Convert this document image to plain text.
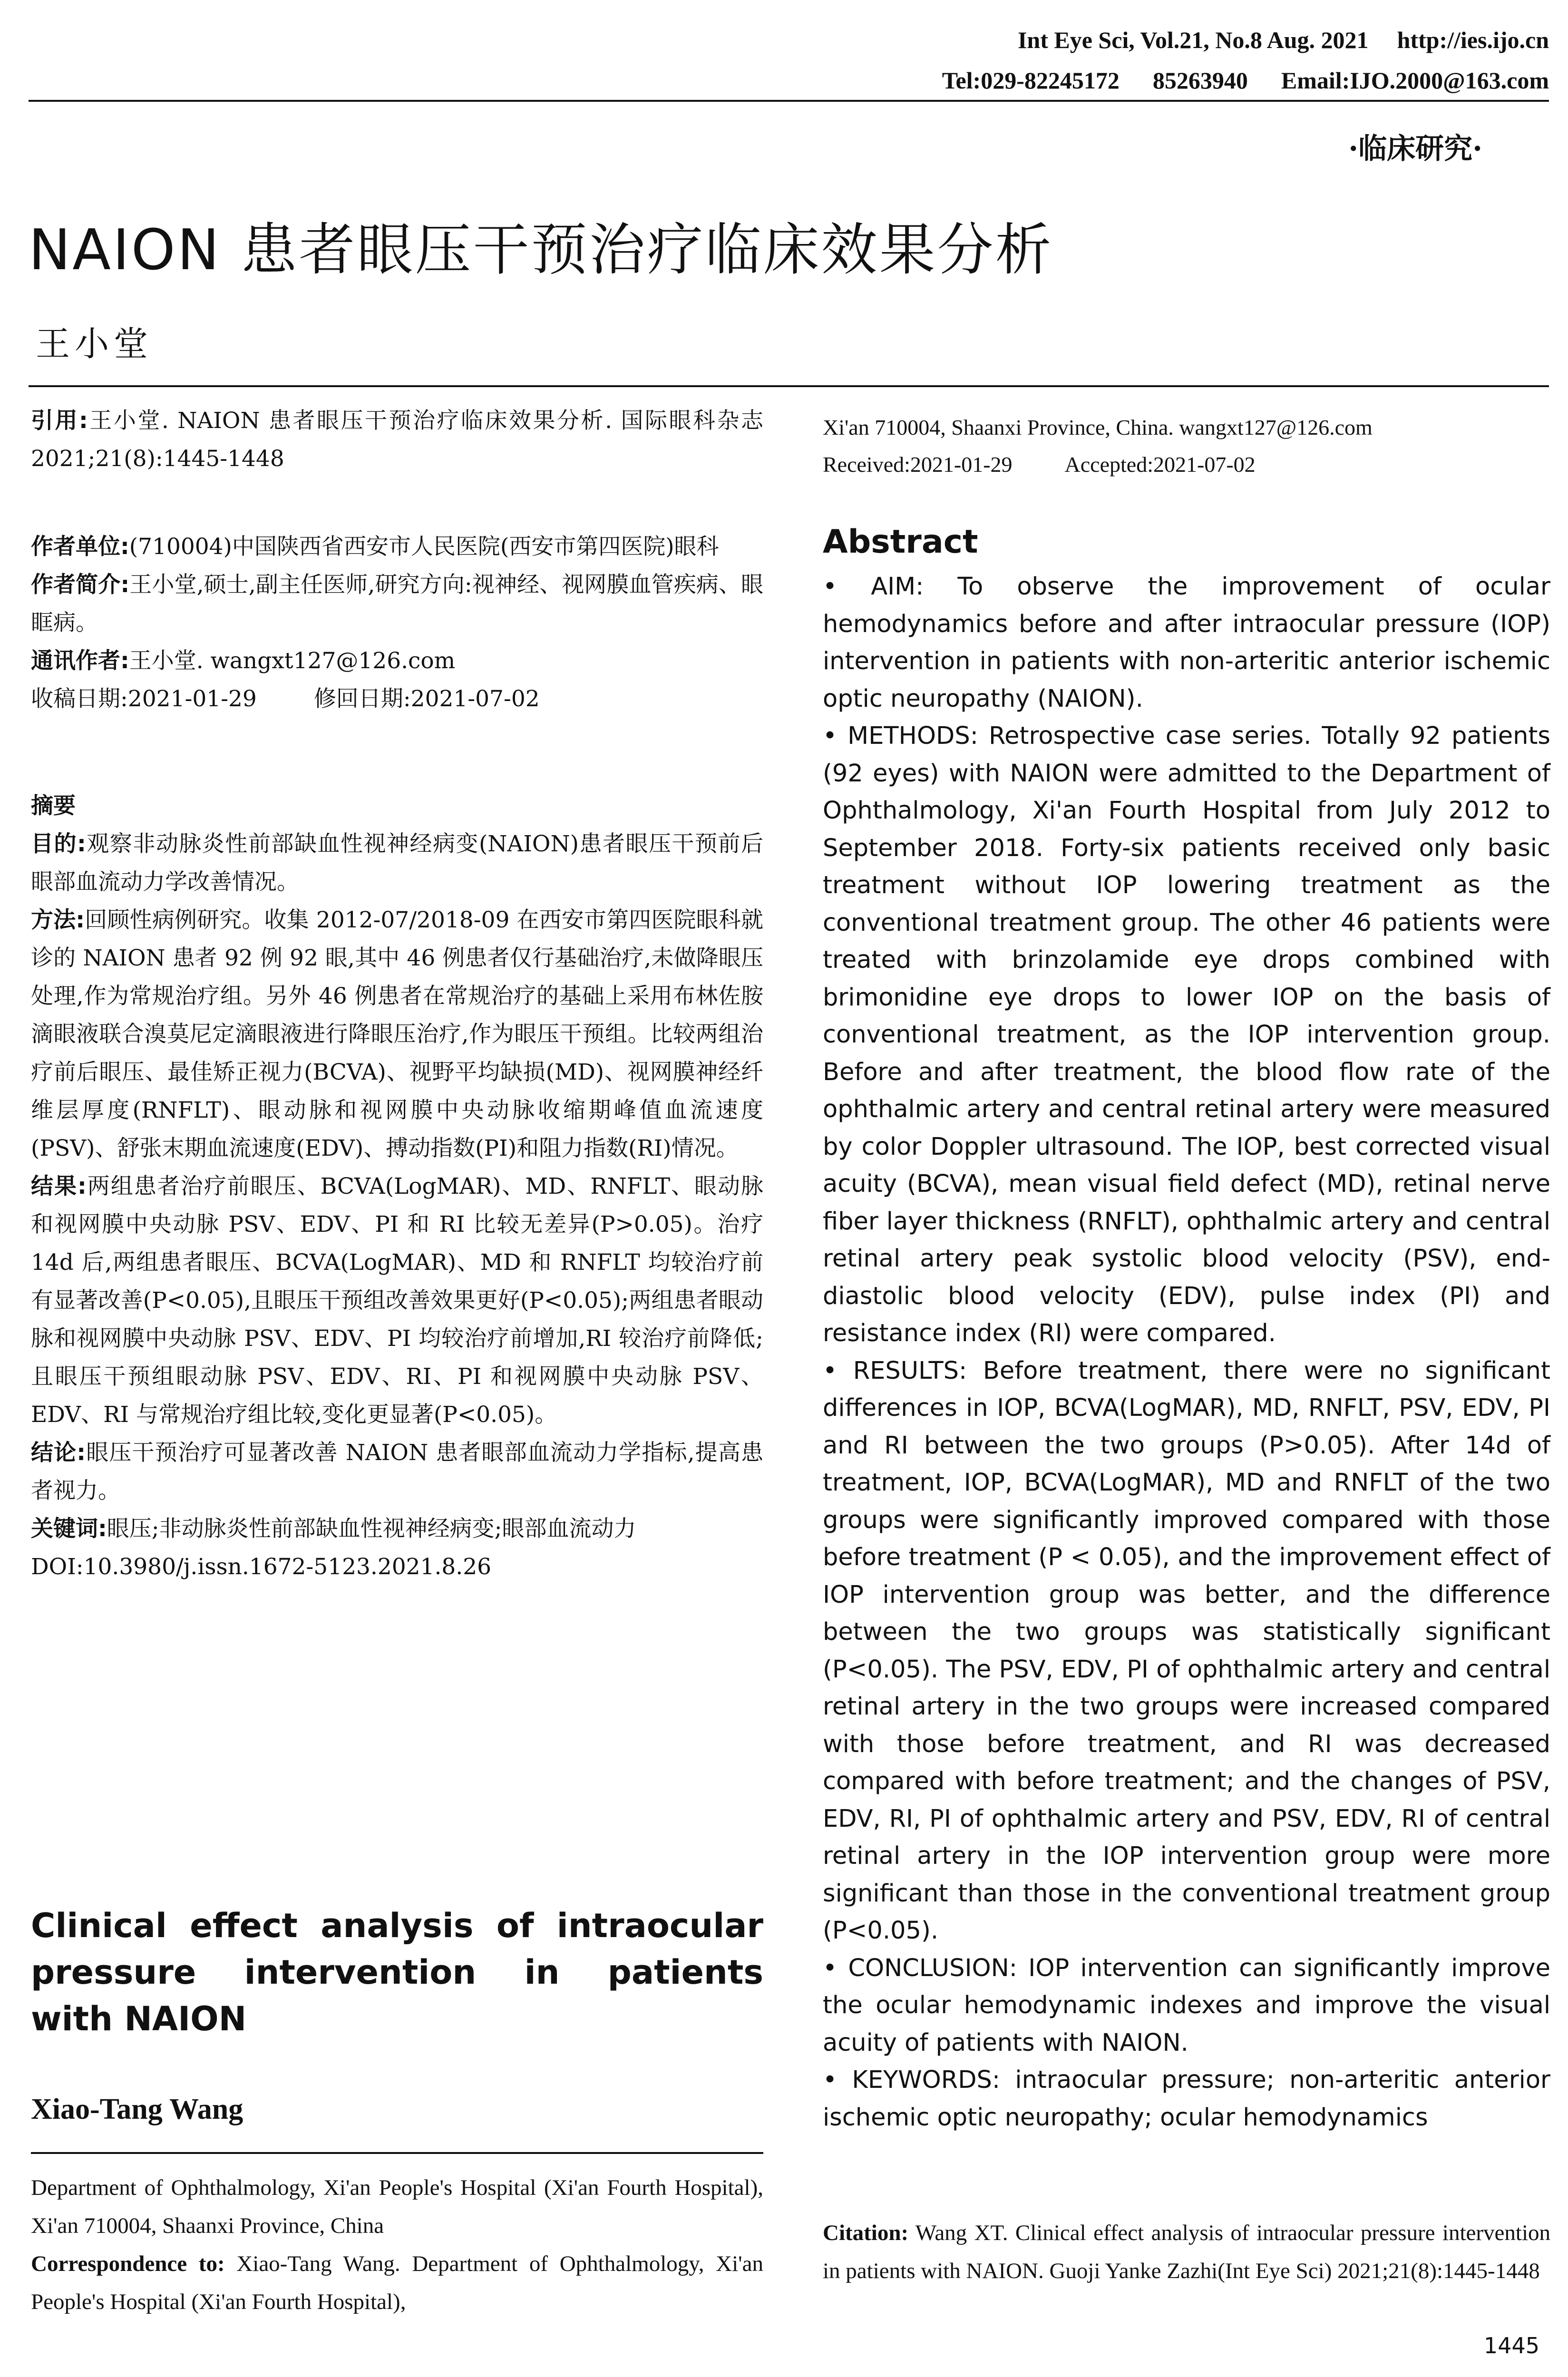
Int Eye Sci, Vol.21, No.8 Aug. 2021 http://ies.ijo.cn
Tel:029-82245172 85263940 Email:IJO.2000@163.com
·临床研究·
NAION 患者眼压干预治疗临床效果分析
王小堂
引用:王小堂. NAION 患者眼压干预治疗临床效果分析. 国际眼科杂志 2021;21(8):1445-1448
作者单位:(710004)中国陕西省西安市人民医院(西安市第四医院)眼科
作者简介:王小堂,硕士,副主任医师,研究方向:视神经、视网膜血管疾病、眼眶病。
通讯作者:王小堂. wangxt127@126.com
收稿日期:2021-01-29	修回日期:2021-07-02
摘要
目的:观察非动脉炎性前部缺血性视神经病变(NAION)患者眼压干预前后眼部血流动力学改善情况。
方法:回顾性病例研究。收集 2012-07/2018-09 在西安市第四医院眼科就诊的 NAION 患者 92 例 92 眼,其中 46 例患者仅行基础治疗,未做降眼压处理,作为常规治疗组。另外 46 例患者在常规治疗的基础上采用布林佐胺滴眼液联合溴莫尼定滴眼液进行降眼压治疗,作为眼压干预组。比较两组治疗前后眼压、最佳矫正视力(BCVA)、视野平均缺损(MD)、视网膜神经纤维层厚度(RNFLT)、眼动脉和视网膜中央动脉收缩期峰值血流速度(PSV)、舒张末期血流速度(EDV)、搏动指数(PI)和阻力指数(RI)情况。
结果:两组患者治疗前眼压、BCVA(LogMAR)、MD、RNFLT、眼动脉和视网膜中央动脉 PSV、EDV、PI 和 RI 比较无差异(P>0.05)。治疗 14d 后,两组患者眼压、BCVA(LogMAR)、MD 和 RNFLT 均较治疗前有显著改善(P<0.05),且眼压干预组改善效果更好(P<0.05);两组患者眼动脉和视网膜中央动脉 PSV、EDV、PI 均较治疗前增加,RI 较治疗前降低;且眼压干预组眼动脉 PSV、EDV、RI、PI 和视网膜中央动脉 PSV、EDV、RI 与常规治疗组比较,变化更显著(P<0.05)。
结论:眼压干预治疗可显著改善 NAION 患者眼部血流动力学指标,提高患者视力。
关键词:眼压;非动脉炎性前部缺血性视神经病变;眼部血流动力
DOI:10.3980/j.issn.1672-5123.2021.8.26
Clinical effect analysis of intraocular pressure intervention in patients
with NAION
Xiao-Tang Wang
Department of Ophthalmology, Xi'an People's Hospital (Xi'an Fourth Hospital), Xi'an 710004, Shaanxi Province, China
Correspondence to: Xiao-Tang Wang. Department of Ophthalmology, Xi'an People's Hospital (Xi'an Fourth Hospital),
Xi'an 710004, Shaanxi Province, China. wangxt127@126.com
Received:2021-01-29 Accepted:2021-07-02
Abstract

• AIM: To observe the improvement of ocular hemodynamics before and after intraocular pressure (IOP) intervention in patients with non-arteritic anterior ischemic optic neuropathy (NAION).

• METHODS: Retrospective case series. Totally 92 patients (92 eyes) with NAION were admitted to the Department of Ophthalmology, Xi'an Fourth Hospital from July 2012 to September 2018. Forty-six patients received only basic treatment without IOP lowering treatment as the conventional treatment group. The other 46 patients were treated with brinzolamide eye drops combined with brimonidine eye drops to lower IOP on the basis of conventional treatment, as the IOP intervention group. Before and after treatment, the blood flow rate of the ophthalmic artery and central retinal artery were measured by color Doppler ultrasound. The IOP, best corrected visual acuity (BCVA), mean visual field defect (MD), retinal nerve fiber layer thickness (RNFLT), ophthalmic artery and central retinal artery peak systolic blood velocity (PSV), end-diastolic blood velocity (EDV), pulse index (PI) and resistance index (RI) were compared.

• RESULTS: Before treatment, there were no significant differences in IOP, BCVA(LogMAR), MD, RNFLT, PSV, EDV, PI and RI between the two groups (P>0.05). After 14d of treatment, IOP, BCVA(LogMAR), MD and RNFLT of the two groups were significantly improved compared with those before treatment (P < 0.05), and the improvement effect of IOP intervention group was better, and the difference between the two groups was statistically significant (P<0.05). The PSV, EDV, PI of ophthalmic artery and central retinal artery in the two groups were increased compared with those before treatment, and RI was decreased compared with before treatment; and the changes of PSV, EDV, RI, PI of ophthalmic artery and PSV, EDV, RI of central retinal artery in the IOP intervention group were more significant than those in the conventional treatment group (P<0.05).

• CONCLUSION: IOP intervention can significantly improve the ocular hemodynamic indexes and improve the visual acuity of patients with NAION.

• KEYWORDS: intraocular pressure; non-arteritic anterior ischemic optic neuropathy; ocular hemodynamics

Citation: Wang XT. Clinical effect analysis of intraocular pressure intervention in patients with NAION. Guoji Yanke Zazhi(Int Eye Sci) 2021;21(8):1445-1448
1445
